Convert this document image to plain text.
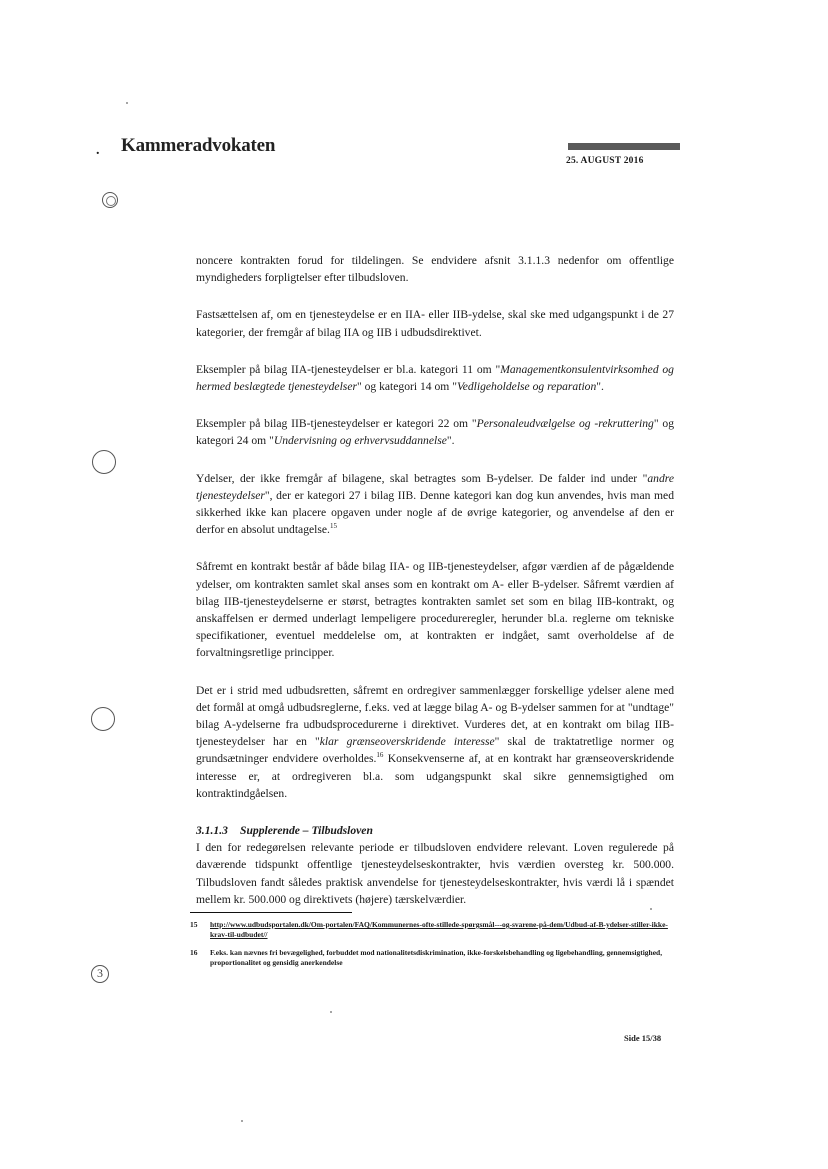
. Kammeradvokaten
25. AUGUST 2016
3

noncere kontrakten forud for tildelingen. Se endvidere afsnit 3.1.1.3 nedenfor om offentlige myndigheders forpligtelser efter tilbudsloven.

Fastsættelsen af, om en tjenesteydelse er en IIA- eller IIB-ydelse, skal ske med udgangspunkt i de 27 kategorier, der fremgår af bilag IIA og IIB i udbudsdirektivet.

Eksempler på bilag IIA-tjenesteydelser er bl.a. kategori 11 om "Managementkonsulentvirksomhed og hermed beslægtede tjenesteydelser" og kategori 14 om "Vedligeholdelse og reparation".

Eksempler på bilag IIB-tjenesteydelser er kategori 22 om "Personaleudvælgelse og -rekruttering" og kategori 24 om "Undervisning og erhvervsuddannelse".

Ydelser, der ikke fremgår af bilagene, skal betragtes som B-ydelser. De falder ind under "andre tjenesteydelser", der er kategori 27 i bilag IIB. Denne kategori kan dog kun anvendes, hvis man med sikkerhed ikke kan placere opgaven under nogle af de øvrige kategorier, og anvendelse af den er derfor en absolut undtagelse.$^{15}$

Såfremt en kontrakt består af både bilag IIA- og IIB-tjenesteydelser, afgør værdien af de pågældende ydelser, om kontrakten samlet skal anses som en kontrakt om A- eller B-ydelser. Såfremt værdien af bilag IIB-tjenesteydelserne er størst, betragtes kontrakten samlet set som en bilag IIB-kontrakt, og anskaffelsen er dermed underlagt lempeligere procedureregler, herunder bl.a. reglerne om tekniske specifikationer, eventuel meddelelse om, at kontrakten er indgået, samt overholdelse af de forvaltningsretlige principper.

Det er i strid med udbudsretten, såfremt en ordregiver sammenlægger forskellige ydelser alene med det formål at omgå udbudsreglerne, f.eks. ved at lægge bilag A- og B-ydelser sammen for at "undtage" bilag A-ydelserne fra udbudsprocedurerne i direktivet. Vurderes det, at en kontrakt om bilag IIB-tjenesteydelser har en "klar grænseoverskridende interesse" skal de traktatretlige normer og grundsætninger endvidere overholdes.$^{16}$ Konsekvenserne af, at en kontrakt har grænseoverskridende interesse er, at ordregiveren bl.a. som udgangspunkt skal sikre gennemsigtighed om kontraktindgåelsen.

3.1.1.3 Supplerende – Tilbudsloven

I den for redegørelsen relevante periode er tilbudsloven endvidere relevant. Loven regulerede på daværende tidspunkt offentlige tjenesteydelseskontrakter, hvis værdien oversteg kr. 500.000. Tilbudsloven fandt således praktisk anvendelse for tjenesteydelseskontrakter, hvis værdi lå i spændet mellem kr. 500.000 og direktivets (højere) tærskelværdier.

15 http://www.udbudsportalen.dk/Om-portalen/FAQ/Kommunernes-ofte-stillede-spørgsmål---og-svarene-på-dem/Udbud-af-B-ydelser-stiller-ikke-krav-til-udbudet//
16 F.eks. kan nævnes fri bevægelighed, forbuddet mod nationalitetsdiskrimination, ikke-forskelsbehandling og ligebehandling, gennemsigtighed, proportionalitet og gensidig anerkendelse
Side 15/38
